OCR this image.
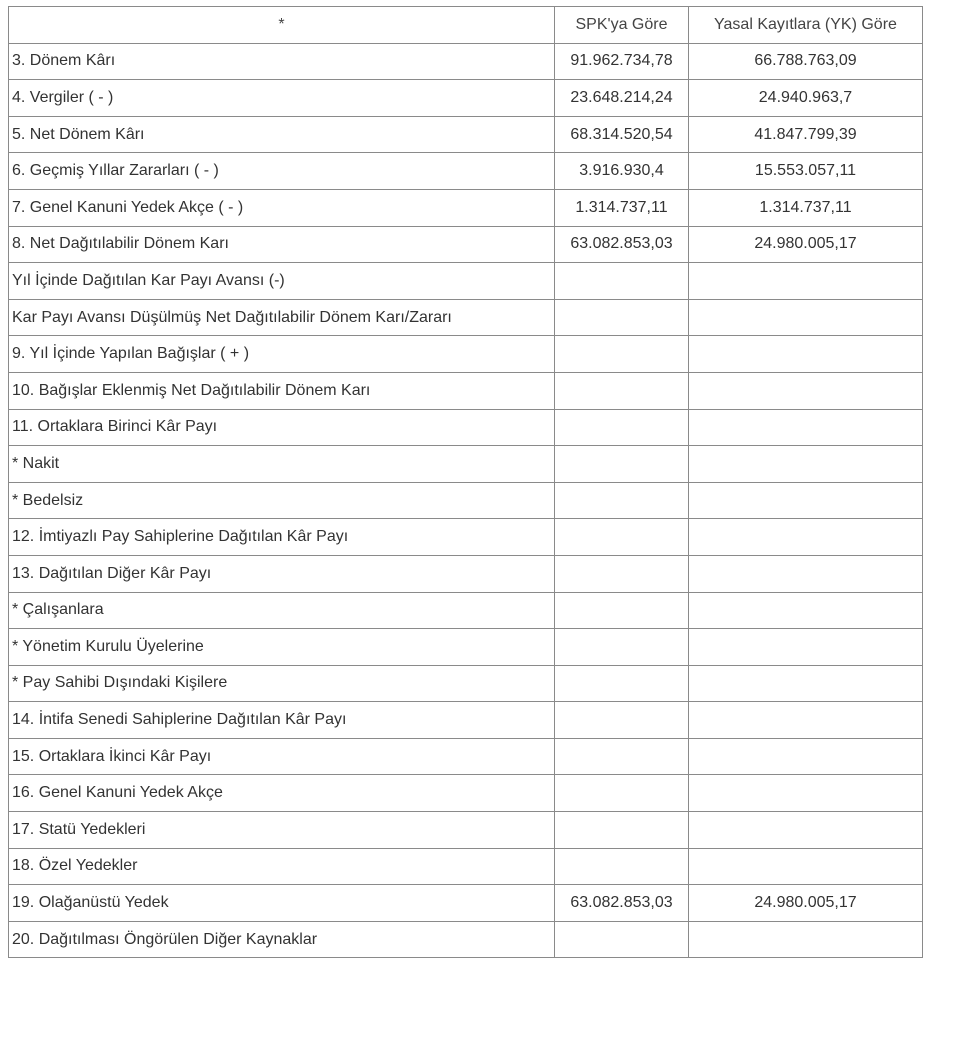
*	SPK'ya Göre	Yasal Kayıtlara (YK) Göre
3. Dönem Kârı	91.962.734,78	66.788.763,09
4. Vergiler ( - )	23.648.214,24	24.940.963,7
5. Net Dönem Kârı	68.314.520,54	41.847.799,39
6. Geçmiş Yıllar Zararları ( - )	3.916.930,4	15.553.057,11
7. Genel Kanuni Yedek Akçe ( - )	1.314.737,11	1.314.737,11
8. Net Dağıtılabilir Dönem Karı	63.082.853,03	24.980.005,17
Yıl İçinde Dağıtılan Kar Payı Avansı (-)		
Kar Payı Avansı Düşülmüş Net Dağıtılabilir Dönem Karı/Zararı		
9. Yıl İçinde Yapılan Bağışlar ( + )		
10. Bağışlar Eklenmiş Net Dağıtılabilir Dönem Karı		
11. Ortaklara Birinci Kâr Payı		
* Nakit		
* Bedelsiz		
12. İmtiyazlı Pay Sahiplerine Dağıtılan Kâr Payı		
13. Dağıtılan Diğer Kâr Payı		
* Çalışanlara		
* Yönetim Kurulu Üyelerine		
* Pay Sahibi Dışındaki Kişilere		
14. İntifa Senedi Sahiplerine Dağıtılan Kâr Payı		
15. Ortaklara İkinci Kâr Payı		
16. Genel Kanuni Yedek Akçe		
17. Statü Yedekleri		
18. Özel Yedekler		
19. Olağanüstü Yedek	63.082.853,03	24.980.005,17
20. Dağıtılması Öngörülen Diğer Kaynaklar		
